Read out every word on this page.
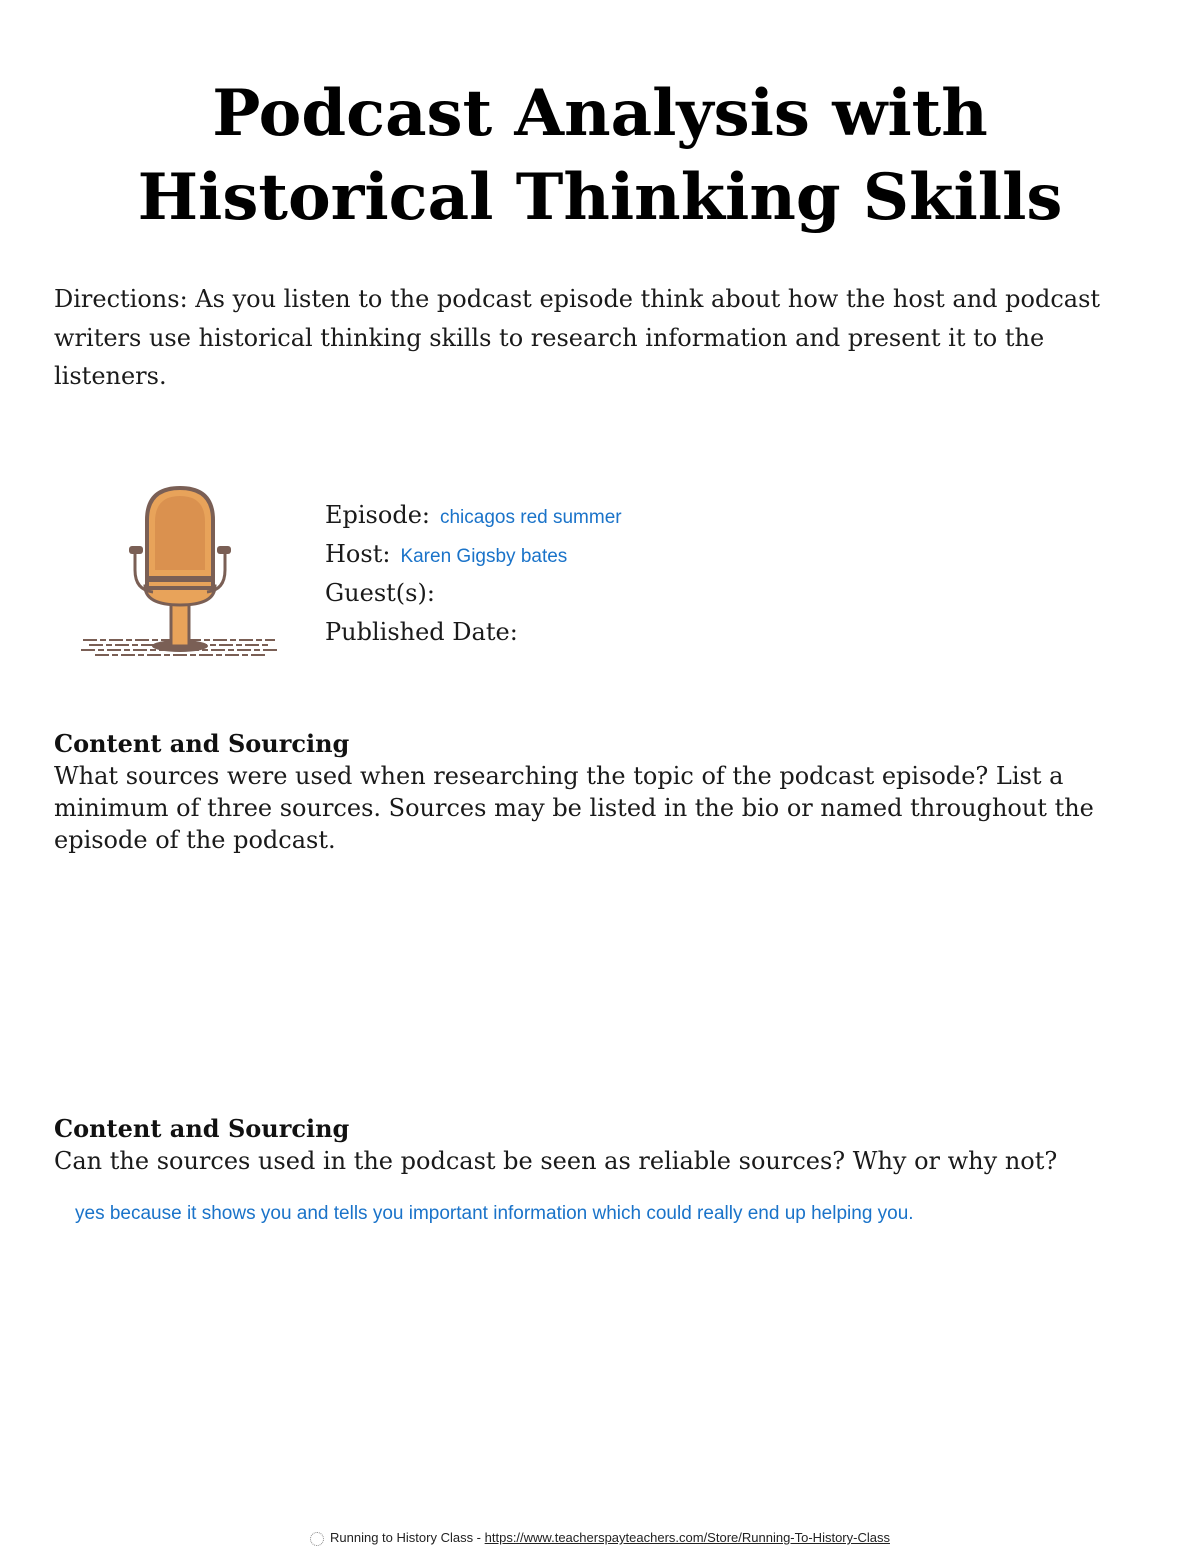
Podcast Analysis with
Historical Thinking Skills
Directions: As you listen to the podcast episode think about how the host and podcast writers use historical thinking skills to research information and present it to the listeners.
Episode: chicagos red summer
Host: Karen Gigsby bates
Guest(s):
Published Date:
Content and Sourcing
What sources were used when researching the topic of the podcast episode? List a minimum of three sources. Sources may be listed in the bio or named throughout the episode of the podcast.
Content and Sourcing
Can the sources used in the podcast be seen as reliable sources? Why or why not?
yes because it shows you and tells you important information which could really end up helping you.
Running to History Class - https://www.teacherspayteachers.com/Store/Running-To-History-Class
